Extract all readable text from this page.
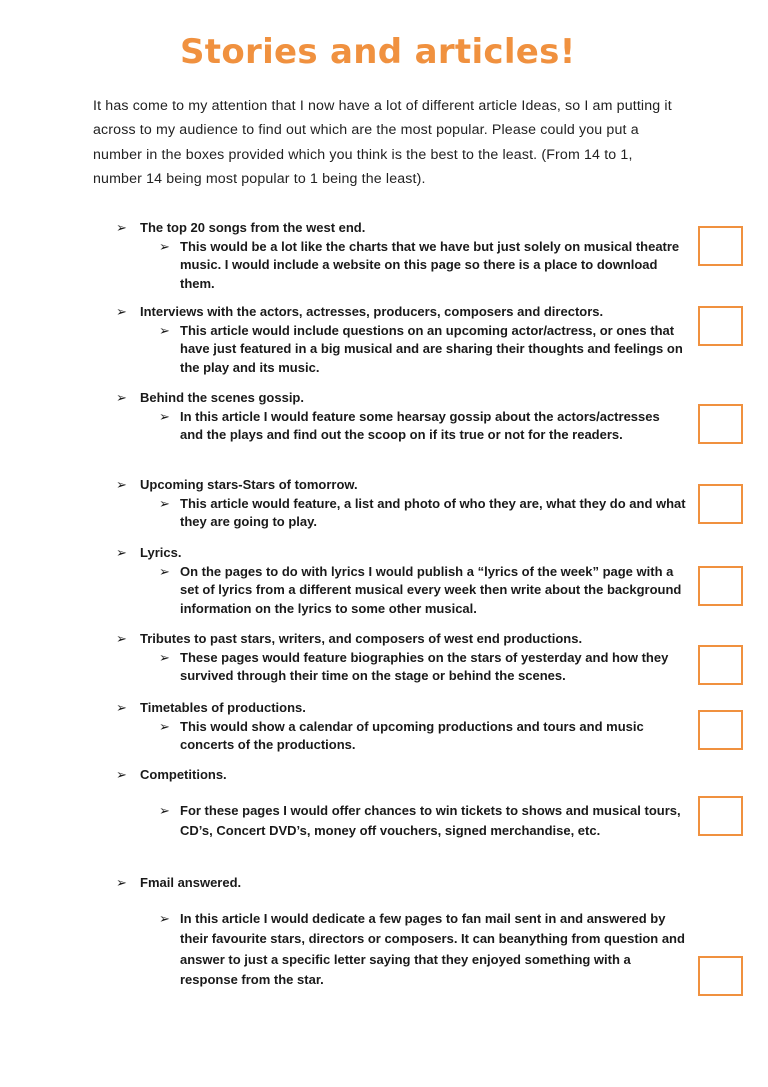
Stories and articles!
It has come to my attention that I now have a lot of different article Ideas, so I am putting it across to my audience to find out which are the most popular. Please could you put a number in the boxes provided which you think is the best to the least. (From 14 to 1, number 14 being most popular to 1 being the least).
➢	The top 20 songs from the west end.
➢ This would be a lot like the charts that we have but just solely on musical theatre music. I would include a website on this page so there is a place to download them.
➢	Interviews with the actors, actresses, producers, composers and directors.
➢ This article would include questions on an upcoming actor/actress, or ones that have just featured in a big musical and are sharing their thoughts and feelings on the play and its music.
➢	Behind the scenes gossip.
➢ In this article I would feature some hearsay gossip about the actors/actresses and the plays and find out the scoop on if its true or not for the readers.
➢	Upcoming stars-Stars of tomorrow.
➢ This article would feature, a list and photo of who they are, what they do and what they are going to play.
➢	Lyrics.
➢ On the pages to do with lyrics I would publish a “lyrics of the week” page with a set of lyrics from a different musical every week then write about the background information on the lyrics to some other musical.
➢	Tributes to past stars, writers, and composers of west end productions.
➢ These pages would feature biographies on the stars of yesterday and how they survived through their time on the stage or behind the scenes.
➢	Timetables of productions.
➢ This would show a calendar of upcoming productions and tours and music concerts of the productions.
➢	Competitions.
➢ For these pages I would offer chances to win tickets to shows and musical tours, CD’s, Concert DVD’s, money off vouchers, signed merchandise, etc.
➢	Fmail answered.
➢ In this article I would dedicate a few pages to fan mail sent in and answered by their favourite stars, directors or composers. It can beanything from question and answer to just a specific letter saying that they enjoyed something with a response from the star.
